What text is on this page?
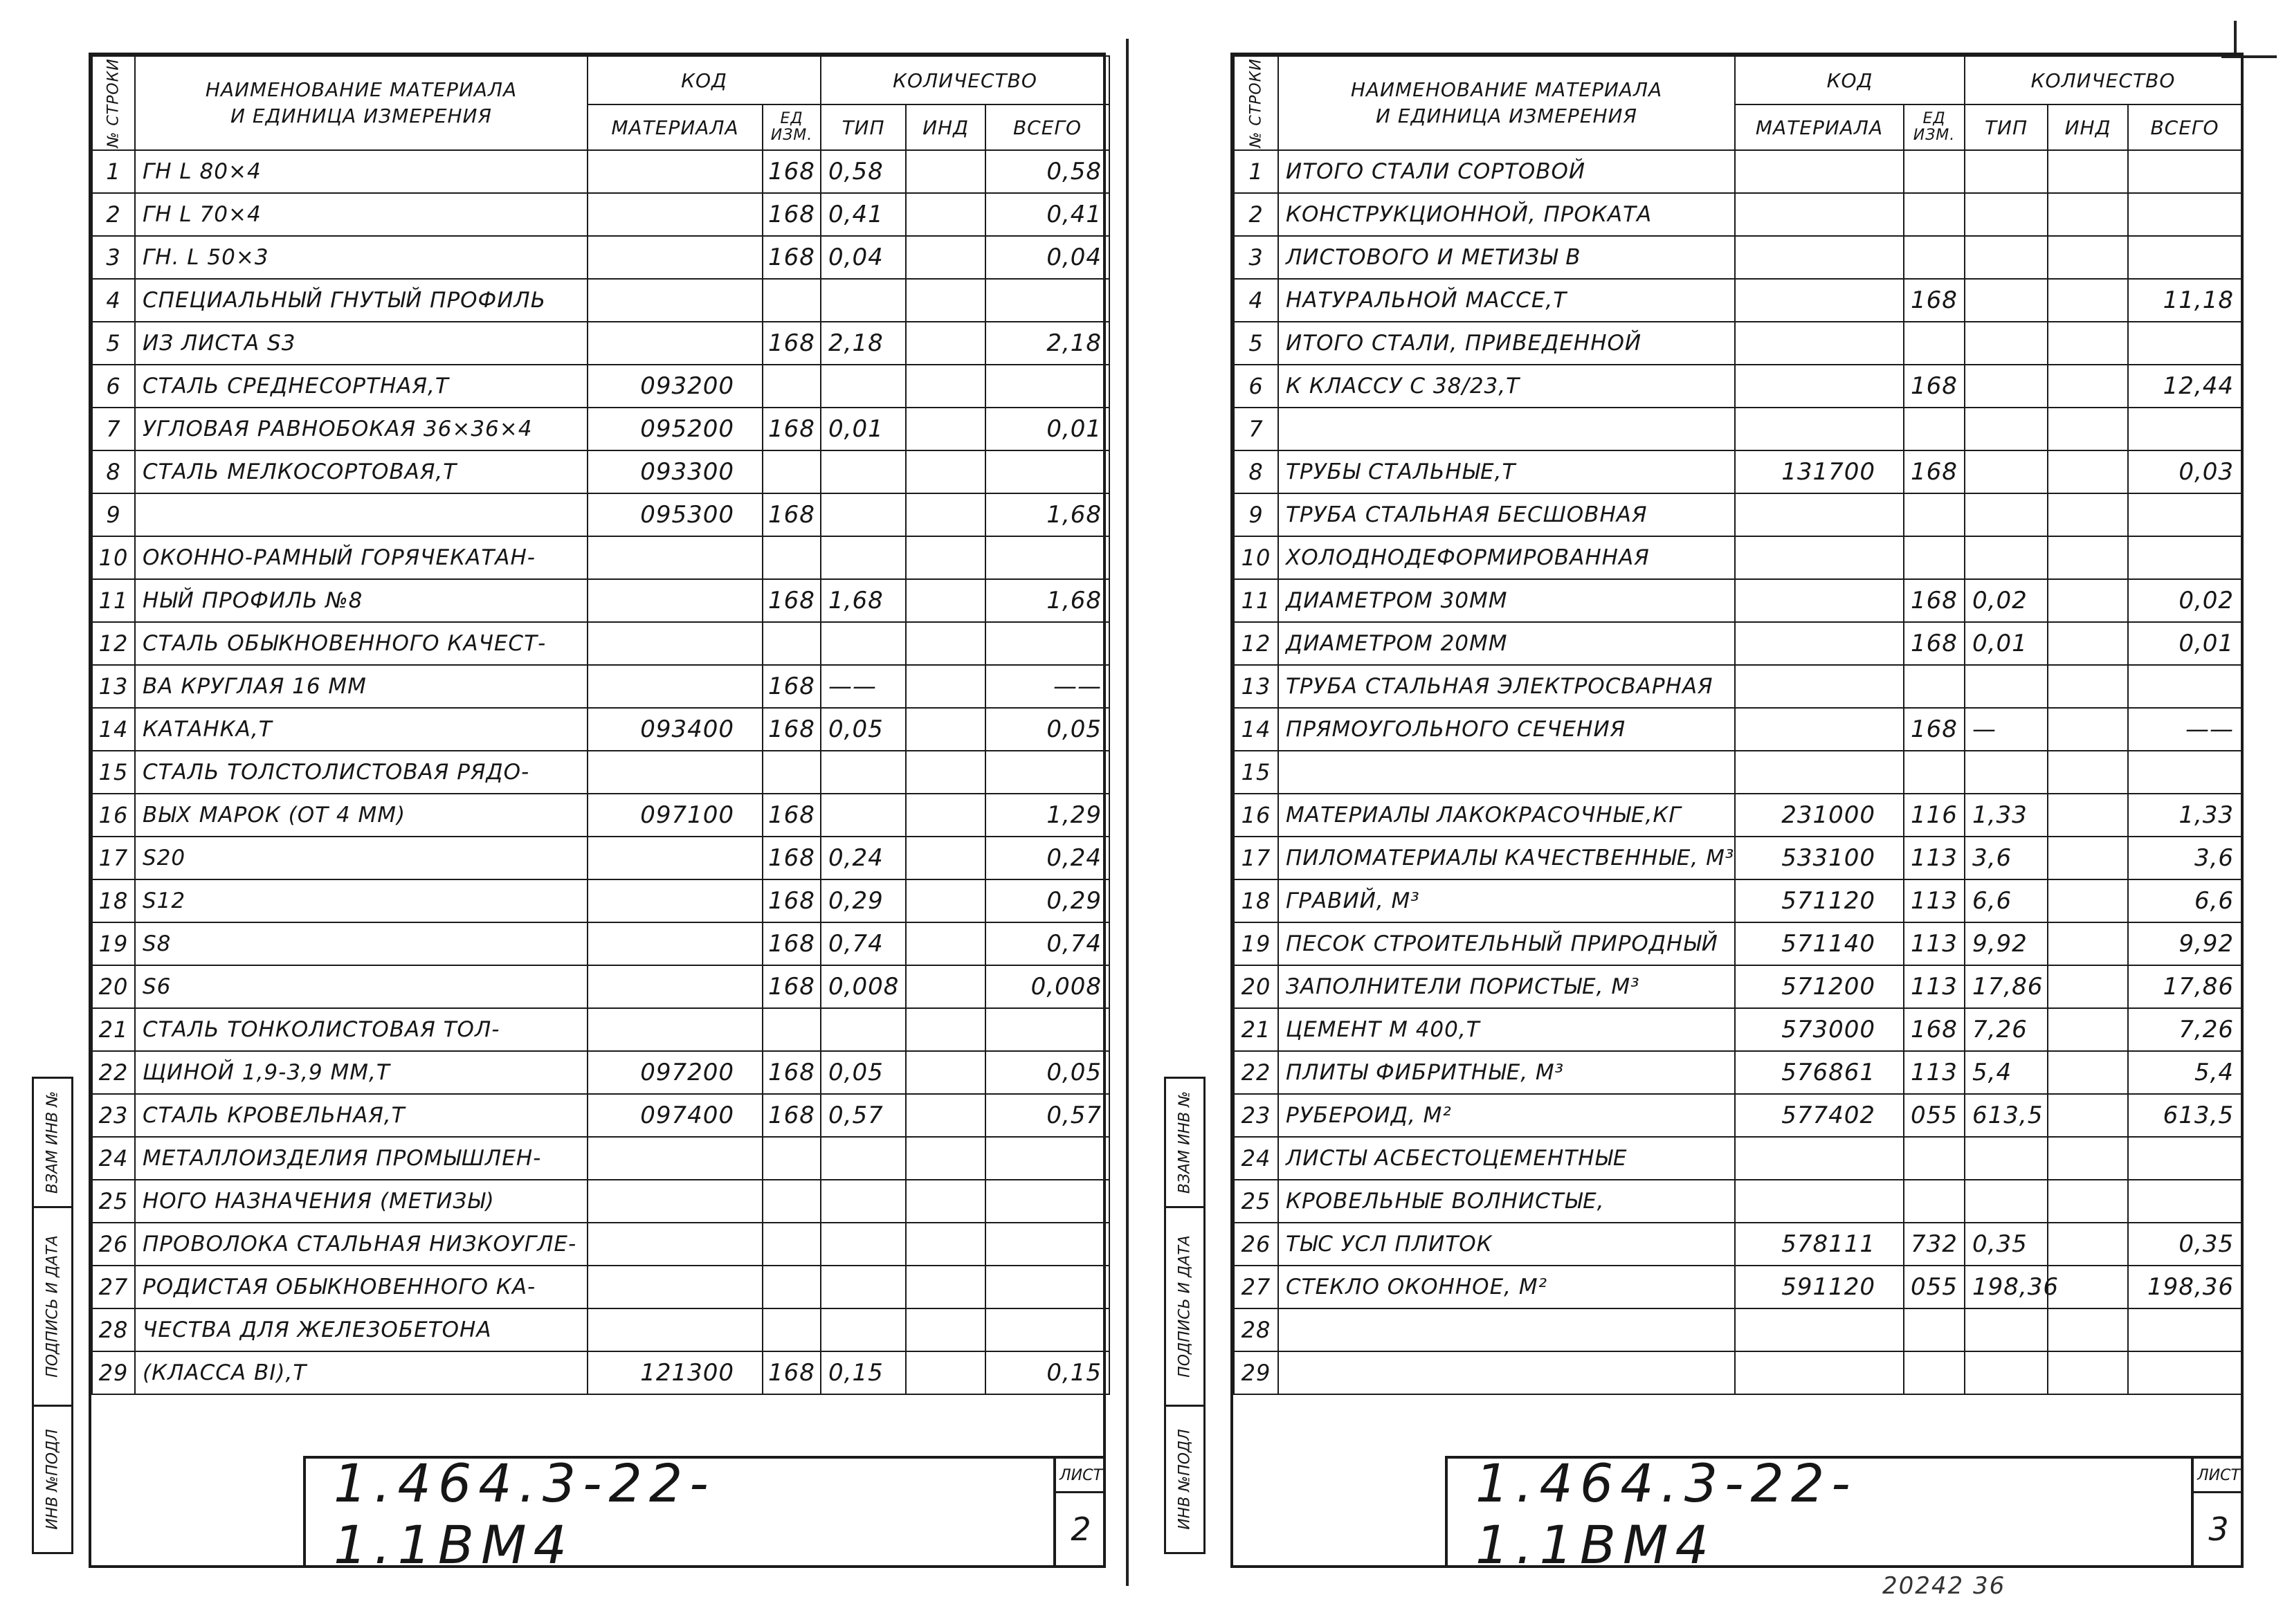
№ СТРОКИ	НАИМЕНОВАНИЕ МАТЕРИАЛА
И ЕДИНИЦА ИЗМЕРЕНИЯ	КОД		КОЛИЧЕСТВО		
		МАТЕРИАЛА	ЕД
ИЗМ.	ТИП	ИНД	ВСЕГО
1	ГН L 80×4		168	0,58		0,58
2	ГН L 70×4		168	0,41		0,41
3	ГН. L 50×3		168	0,04		0,04
4	СПЕЦИАЛЬНЫЙ ГНУТЫЙ ПРОФИЛЬ					
5	ИЗ ЛИСТА S3		168	2,18		2,18
6	СТАЛЬ СРЕДНЕСОРТНАЯ,Т	093200				
7	УГЛОВАЯ РАВНОБОКАЯ 36×36×4	095200	168	0,01		0,01
8	СТАЛЬ МЕЛКОСОРТОВАЯ,Т	093300				
9		095300	168			1,68
10	ОКОННО-РАМНЫЙ ГОРЯЧЕКАТАН-					
11	НЫЙ ПРОФИЛЬ №8		168	1,68		1,68
12	СТАЛЬ ОБЫКНОВЕННОГО КАЧЕСТ-					
13	ВА КРУГЛАЯ 16 ММ		168	——		——
14	КАТАНКА,Т	093400	168	0,05		0,05
15	СТАЛЬ ТОЛСТОЛИСТОВАЯ РЯДО-					
16	ВЫХ МАРОК (ОТ 4 ММ)	097100	168			1,29
17	S20		168	0,24		0,24
18	S12		168	0,29		0,29
19	S8		168	0,74		0,74
20	S6		168	0,008		0,008
21	СТАЛЬ ТОНКОЛИСТОВАЯ ТОЛ-					
22	ЩИНОЙ 1,9-3,9 ММ,Т	097200	168	0,05		0,05
23	СТАЛЬ КРОВЕЛЬНАЯ,Т	097400	168	0,57		0,57
24	МЕТАЛЛОИЗДЕЛИЯ ПРОМЫШЛЕН-					
25	НОГО НАЗНАЧЕНИЯ (МЕТИЗЫ)					
26	ПРОВОЛОКА СТАЛЬНАЯ НИЗКОУГЛЕ-					
27	РОДИСТАЯ ОБЫКНОВЕННОГО КА-					
28	ЧЕСТВА ДЛЯ ЖЕЛЕЗОБЕТОНА					
29	(КЛАССА ВI),Т	121300	168	0,15		0,15
1.464.3-22-1.1ВМ4
ЛИСТ
2
ВЗАМ ИНВ №
ПОДПИСЬ И ДАТА
ИНВ №ПОДЛ
№ СТРОКИ	НАИМЕНОВАНИЕ МАТЕРИАЛА
И ЕДИНИЦА ИЗМЕРЕНИЯ	КОД		КОЛИЧЕСТВО		
		МАТЕРИАЛА	ЕД
ИЗМ.	ТИП	ИНД	ВСЕГО
1	ИТОГО СТАЛИ СОРТОВОЙ					
2	КОНСТРУКЦИОННОЙ, ПРОКАТА					
3	ЛИСТОВОГО И МЕТИЗЫ В					
4	НАТУРАЛЬНОЙ МАССЕ,Т		168			11,18
5	ИТОГО СТАЛИ, ПРИВЕДЕННОЙ					
6	К КЛАССУ С 38/23,Т		168			12,44
7						
8	ТРУБЫ СТАЛЬНЫЕ,Т	131700	168			0,03
9	ТРУБА СТАЛЬНАЯ БЕСШОВНАЯ					
10	ХОЛОДНОДЕФОРМИРОВАННАЯ					
11	ДИАМЕТРОМ 30ММ		168	0,02		0,02
12	ДИАМЕТРОМ 20ММ		168	0,01		0,01
13	ТРУБА СТАЛЬНАЯ ЭЛЕКТРОСВАРНАЯ					
14	ПРЯМОУГОЛЬНОГО СЕЧЕНИЯ		168	—		——
15						
16	МАТЕРИАЛЫ ЛАКОКРАСОЧНЫЕ,КГ	231000	116	1,33		1,33
17	ПИЛОМАТЕРИАЛЫ КАЧЕСТВЕННЫЕ, М³	533100	113	3,6		3,6
18	ГРАВИЙ, М³	571120	113	6,6		6,6
19	ПЕСОК СТРОИТЕЛЬНЫЙ ПРИРОДНЫЙ	571140	113	9,92		9,92
20	ЗАПОЛНИТЕЛИ ПОРИСТЫЕ, М³	571200	113	17,86		17,86
21	ЦЕМЕНТ М 400,Т	573000	168	7,26		7,26
22	ПЛИТЫ ФИБРИТНЫЕ, М³	576861	113	5,4		5,4
23	РУБЕРОИД, М²	577402	055	613,5		613,5
24	ЛИСТЫ АСБЕСТОЦЕМЕНТНЫЕ					
25	КРОВЕЛЬНЫЕ ВОЛНИСТЫЕ,					
26	ТЫС УСЛ ПЛИТОК	578111	732	0,35		0,35
27	СТЕКЛО ОКОННОЕ, М²	591120	055	198,36		198,36
28						
29						
1.464.3-22-1.1ВМ4
ЛИСТ
3
ВЗАМ ИНВ №
ПОДПИСЬ И ДАТА
ИНВ №ПОДЛ
20242 36
